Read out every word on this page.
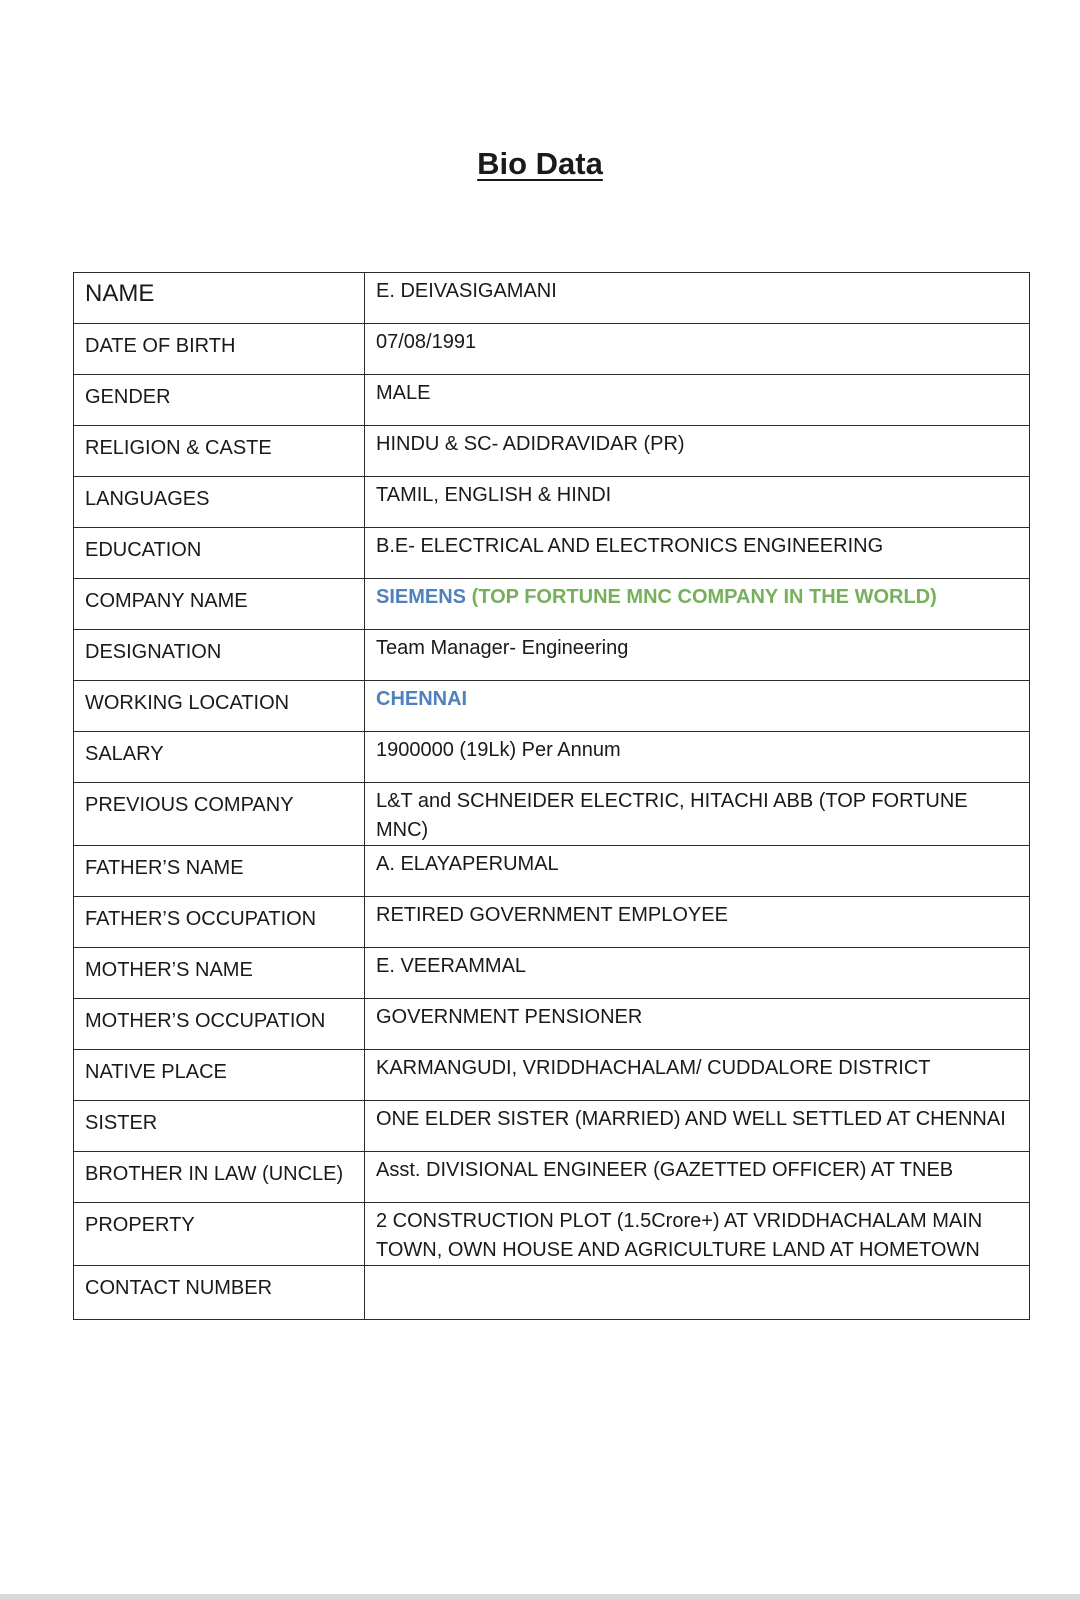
Bio Data
NAME	E. DEIVASIGAMANI
DATE OF BIRTH	07/08/1991
GENDER	MALE
RELIGION & CASTE	HINDU & SC- ADIDRAVIDAR (PR)
LANGUAGES	TAMIL, ENGLISH & HINDI
EDUCATION	B.E- ELECTRICAL AND ELECTRONICS ENGINEERING
COMPANY NAME	SIEMENS (TOP FORTUNE MNC COMPANY IN THE WORLD)
DESIGNATION	Team Manager- Engineering
WORKING LOCATION	CHENNAI
SALARY	1900000 (19Lk) Per Annum
PREVIOUS COMPANY	L&T and SCHNEIDER ELECTRIC, HITACHI ABB (TOP FORTUNE MNC)
FATHER’S NAME	A. ELAYAPERUMAL
FATHER’S OCCUPATION	RETIRED GOVERNMENT EMPLOYEE
MOTHER’S NAME	E. VEERAMMAL
MOTHER’S OCCUPATION	GOVERNMENT PENSIONER
NATIVE PLACE	KARMANGUDI, VRIDDHACHALAM/ CUDDALORE DISTRICT
SISTER	ONE ELDER SISTER (MARRIED) AND WELL SETTLED AT CHENNAI
BROTHER IN LAW (UNCLE)	Asst. DIVISIONAL ENGINEER (GAZETTED OFFICER) AT TNEB
PROPERTY	2 CONSTRUCTION PLOT (1.5Crore+) AT VRIDDHACHALAM MAIN TOWN, OWN HOUSE AND AGRICULTURE LAND AT HOMETOWN
CONTACT NUMBER	
